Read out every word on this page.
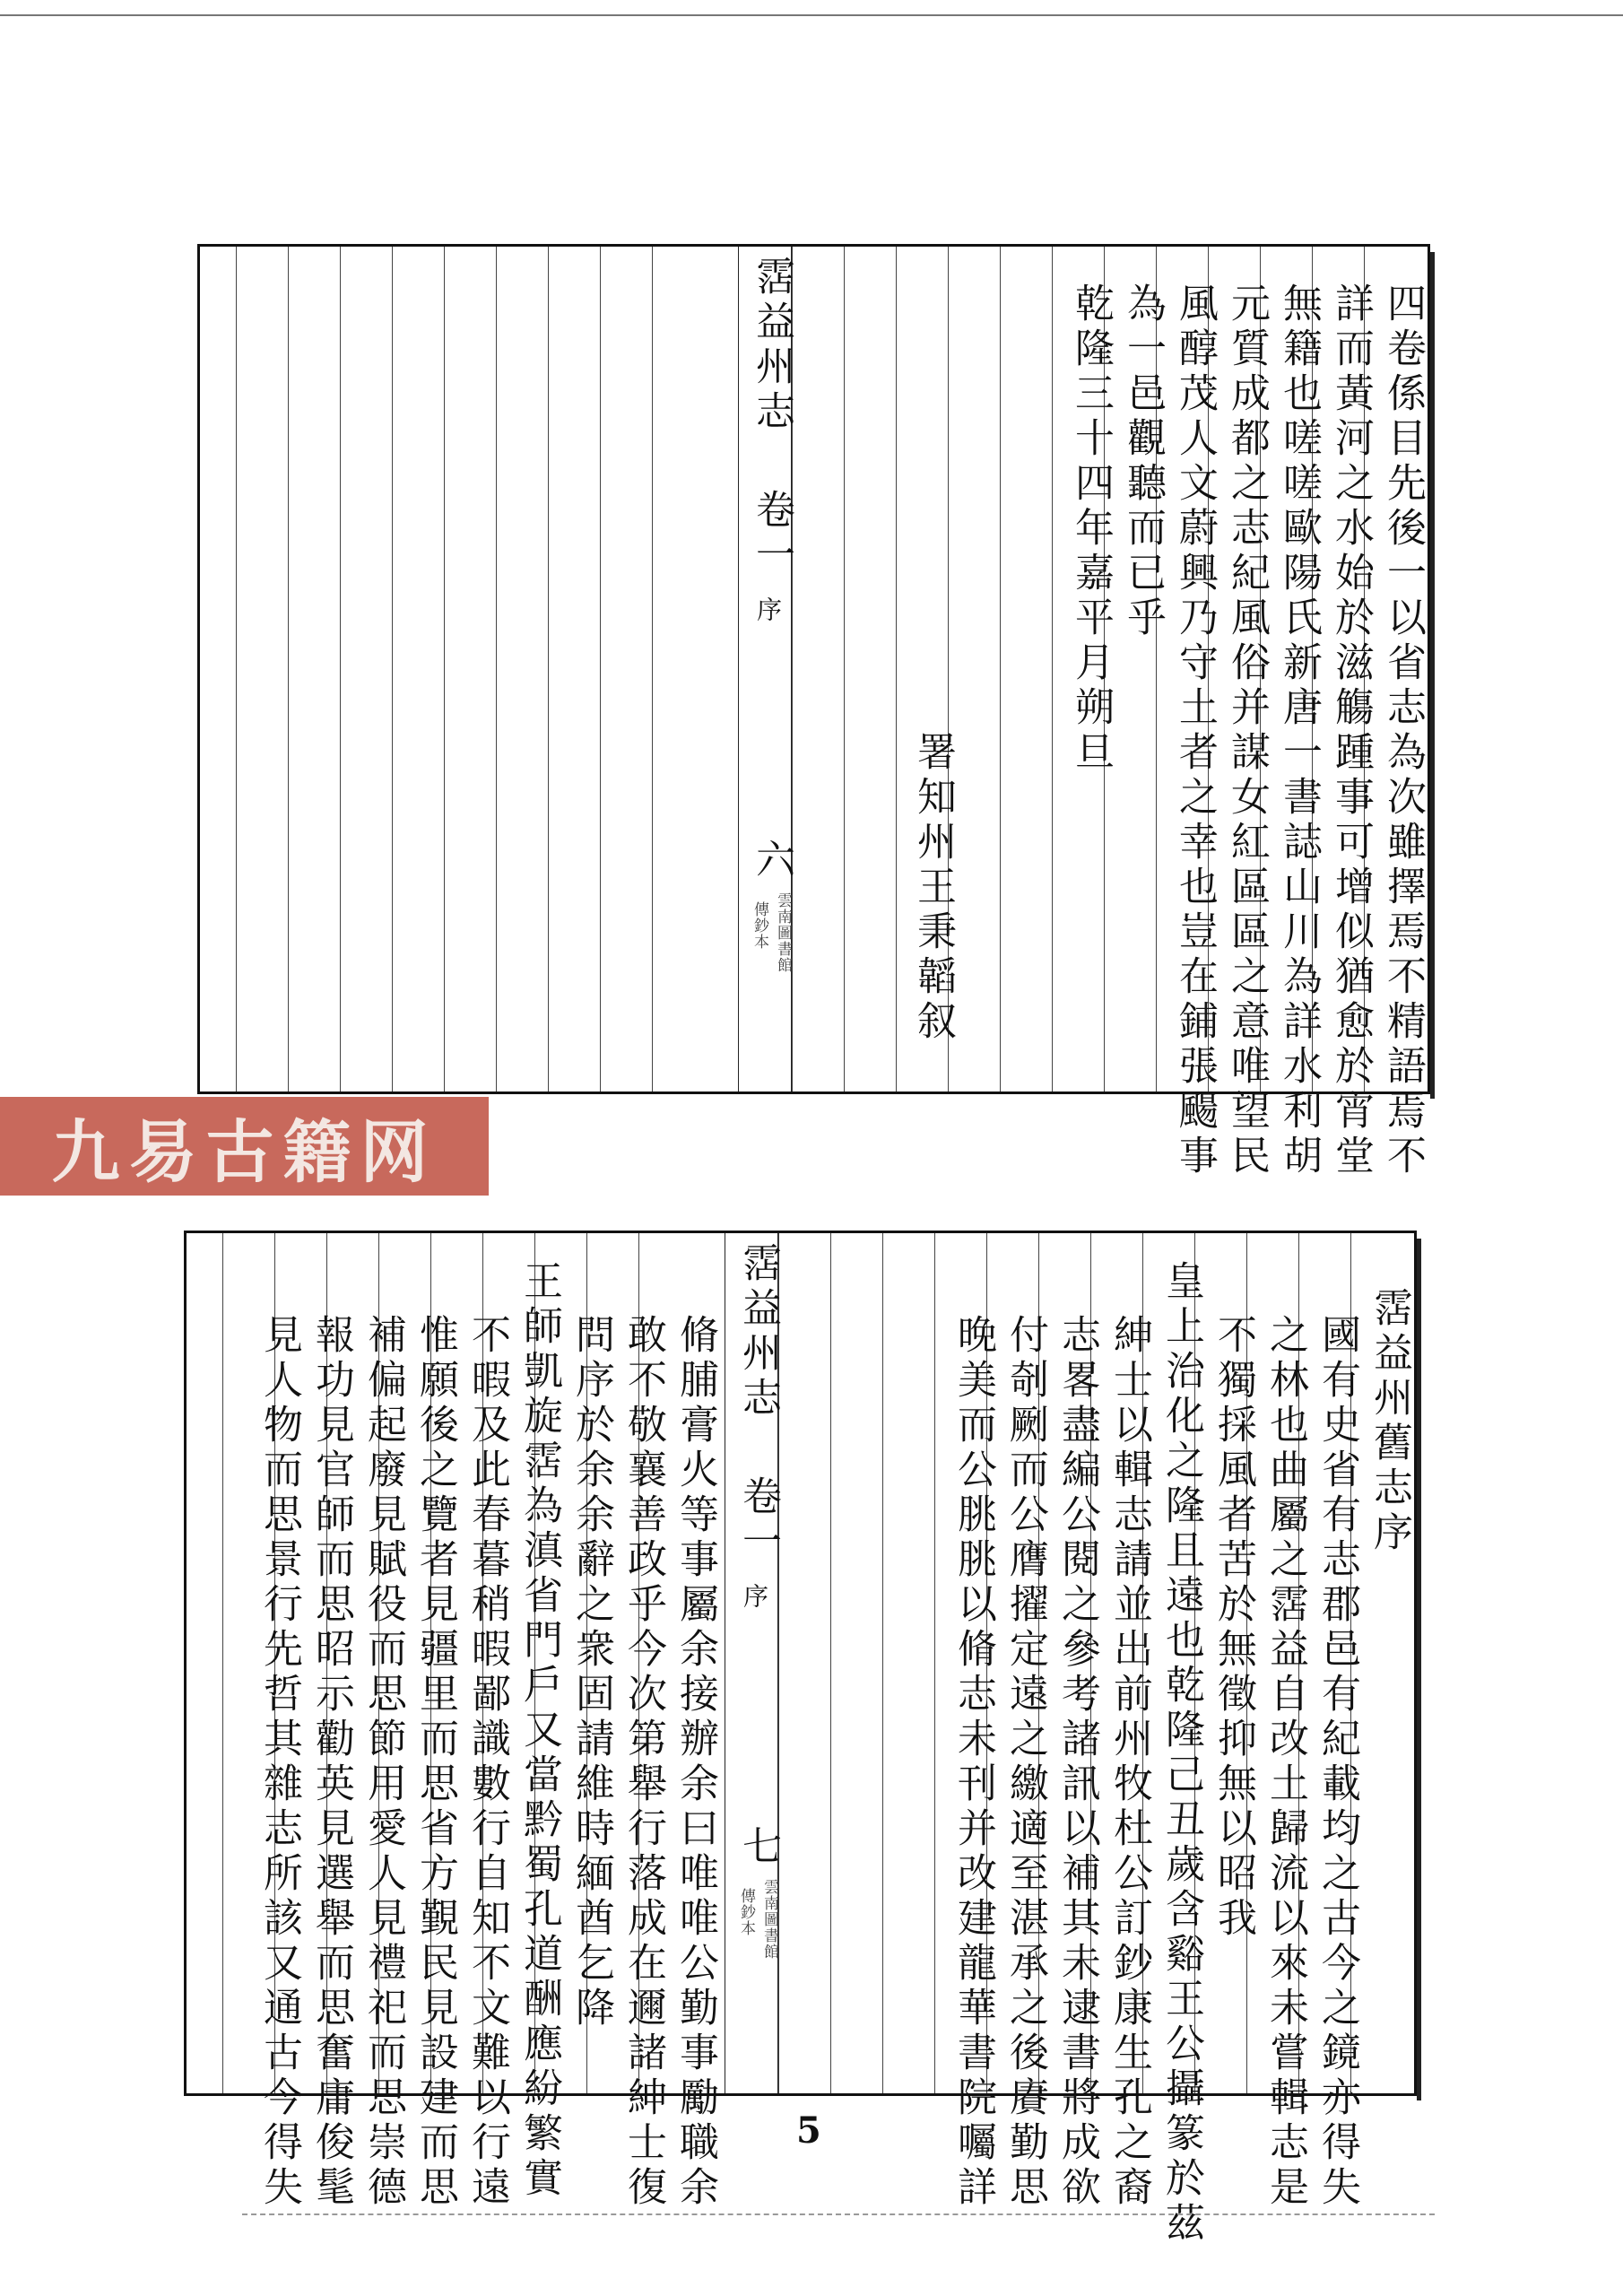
霑益州志
卷一
序
六
雲南圖書館
傳鈔本	四卷係目先後一以省志為次雖擇焉不精語焉不
詳而黃河之水始於滋觴踵事可增似猶愈於宵堂
無籍也嗟嗟歐陽氏新唐一書誌山川為詳水利胡
元質成都之志紀風俗并謀女紅區區之意唯望民
風醇茂人文蔚興乃守土者之幸也豈在鋪張颺事
為一邑觀聽而已乎
乾隆三十四年嘉平月朔旦
署知州王秉韜叙
九易古籍网
霑益州志
卷一
序
七
雲南圖書館
傳鈔本
霑益州舊志序
國有史省有志郡邑有紀載均之古今之鏡亦得失
之林也曲屬之霑益自改土歸流以來未嘗輯志是
不獨採風者苦於無徵抑無以昭我
皇上治化之隆且遠也乾隆己丑歲含谿王公攝篆於茲
紳士以輯志請並出前州牧杜公訂鈔康生孔之裔
志畧盡編公閱之參考諸訊以補其未逮書將成欲
付剞劂而公膺擢定遠之繳適至湛承之後賡勤思
晚美而公朓朓以脩志未刊并改建龍華書院囑詳
脩脯膏火等事屬余接辦余曰唯唯公勤事勵職余
敢不敬襄善政乎今次第舉行落成在邇諸紳士復
問序於余余辭之衆固請維時緬酋乞降
王師凱旋霑為滇省門戶又當黔蜀孔道酬應紛繁實
不暇及此春暮稍暇鄙識數行自知不文難以行遠
惟願後之覽者見疆里而思省方覲民見設建而思
補偏起廢見賦役而思節用愛人見禮祀而思崇德
報功見官師而思昭示勸英見選舉而思奮庸俊髦
見人物而思景行先哲其雜志所該又通古今得失	5
